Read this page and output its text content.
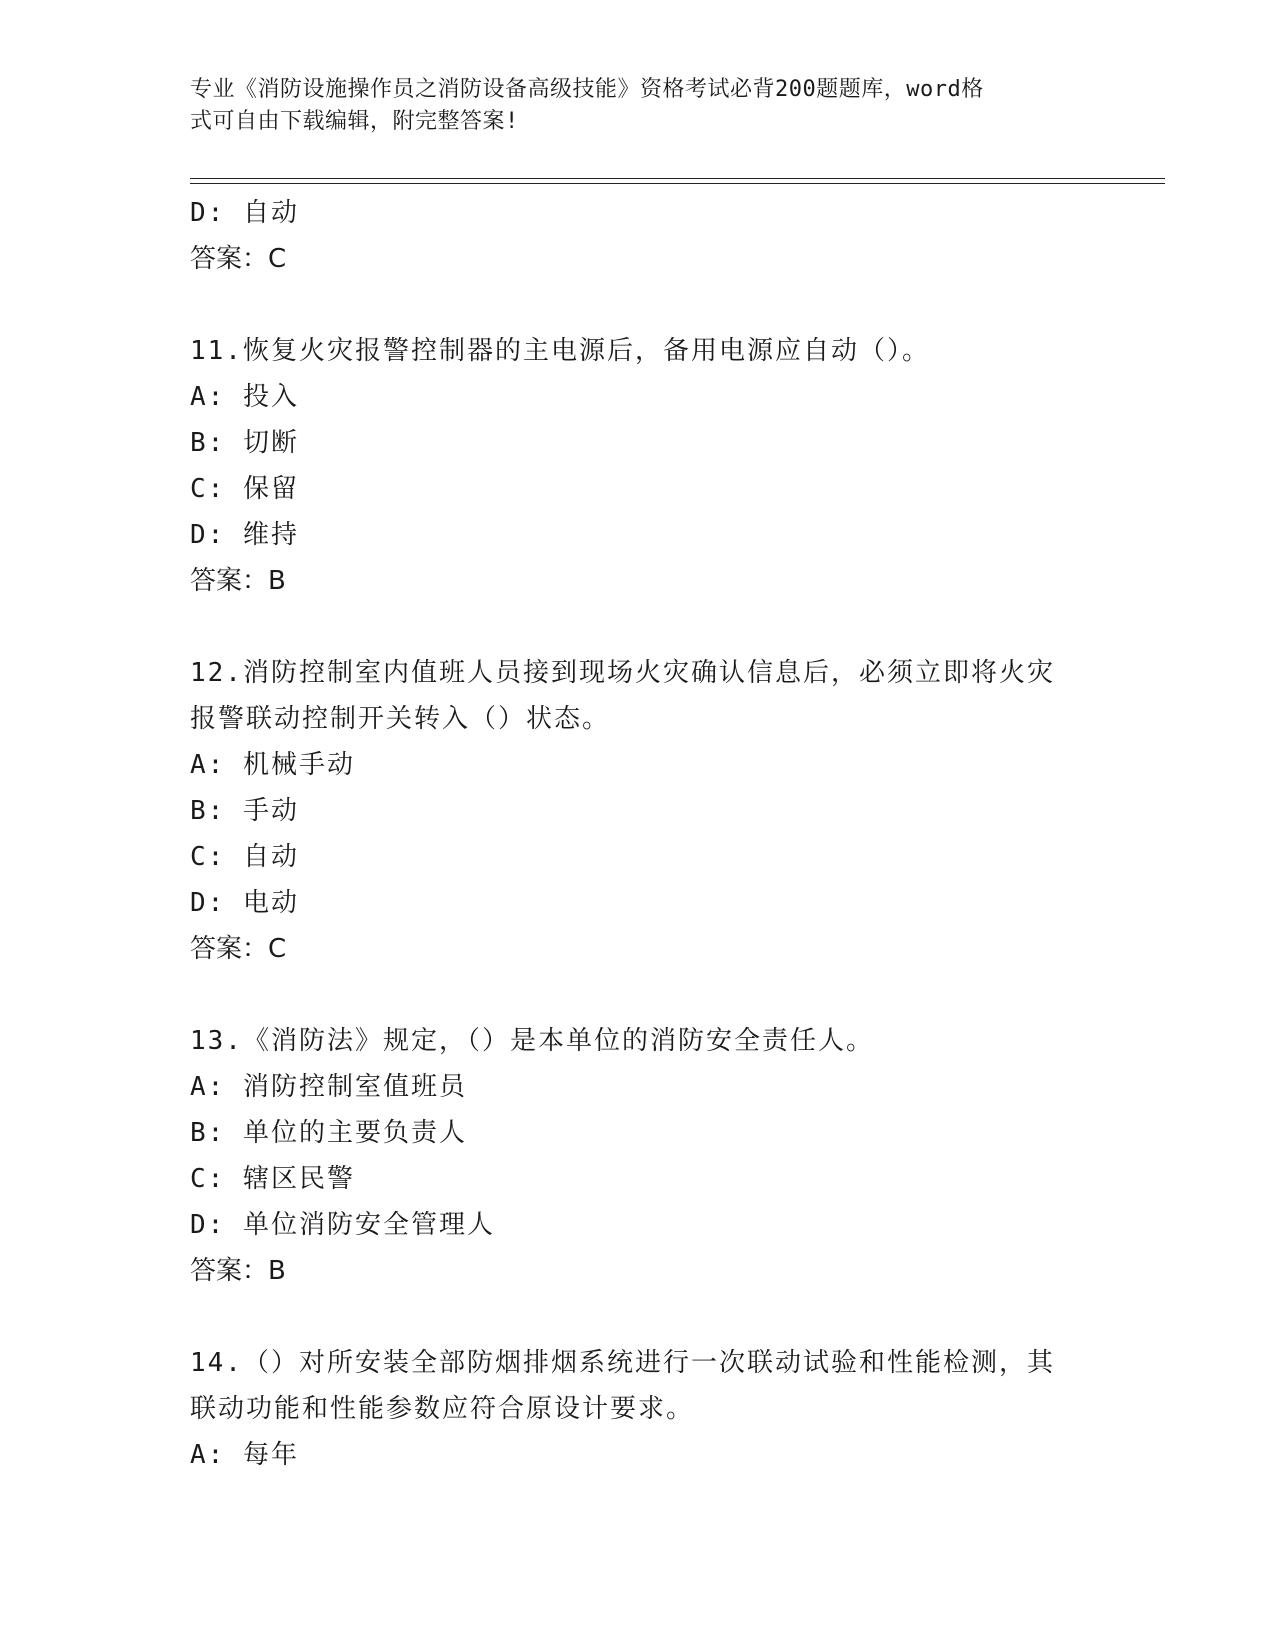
专业《消防设施操作员之消防设备高级技能》资格考试必背200题题库，word格
式可自由下载编辑，附完整答案!
D: 自动
答案：C
11.恢复火灾报警控制器的主电源后，备用电源应自动（）。
A: 投入
B: 切断
C: 保留
D: 维持
答案：B
12.消防控制室内值班人员接到现场火灾确认信息后，必须立即将火灾
报警联动控制开关转入（）状态。
A: 机械手动
B: 手动
C: 自动
D: 电动
答案：C
13.《消防法》规定，（）是本单位的消防安全责任人。
A: 消防控制室值班员
B: 单位的主要负责人
C: 辖区民警
D: 单位消防安全管理人
答案：B
14.（）对所安装全部防烟排烟系统进行一次联动试验和性能检测，其
联动功能和性能参数应符合原设计要求。
A: 每年
